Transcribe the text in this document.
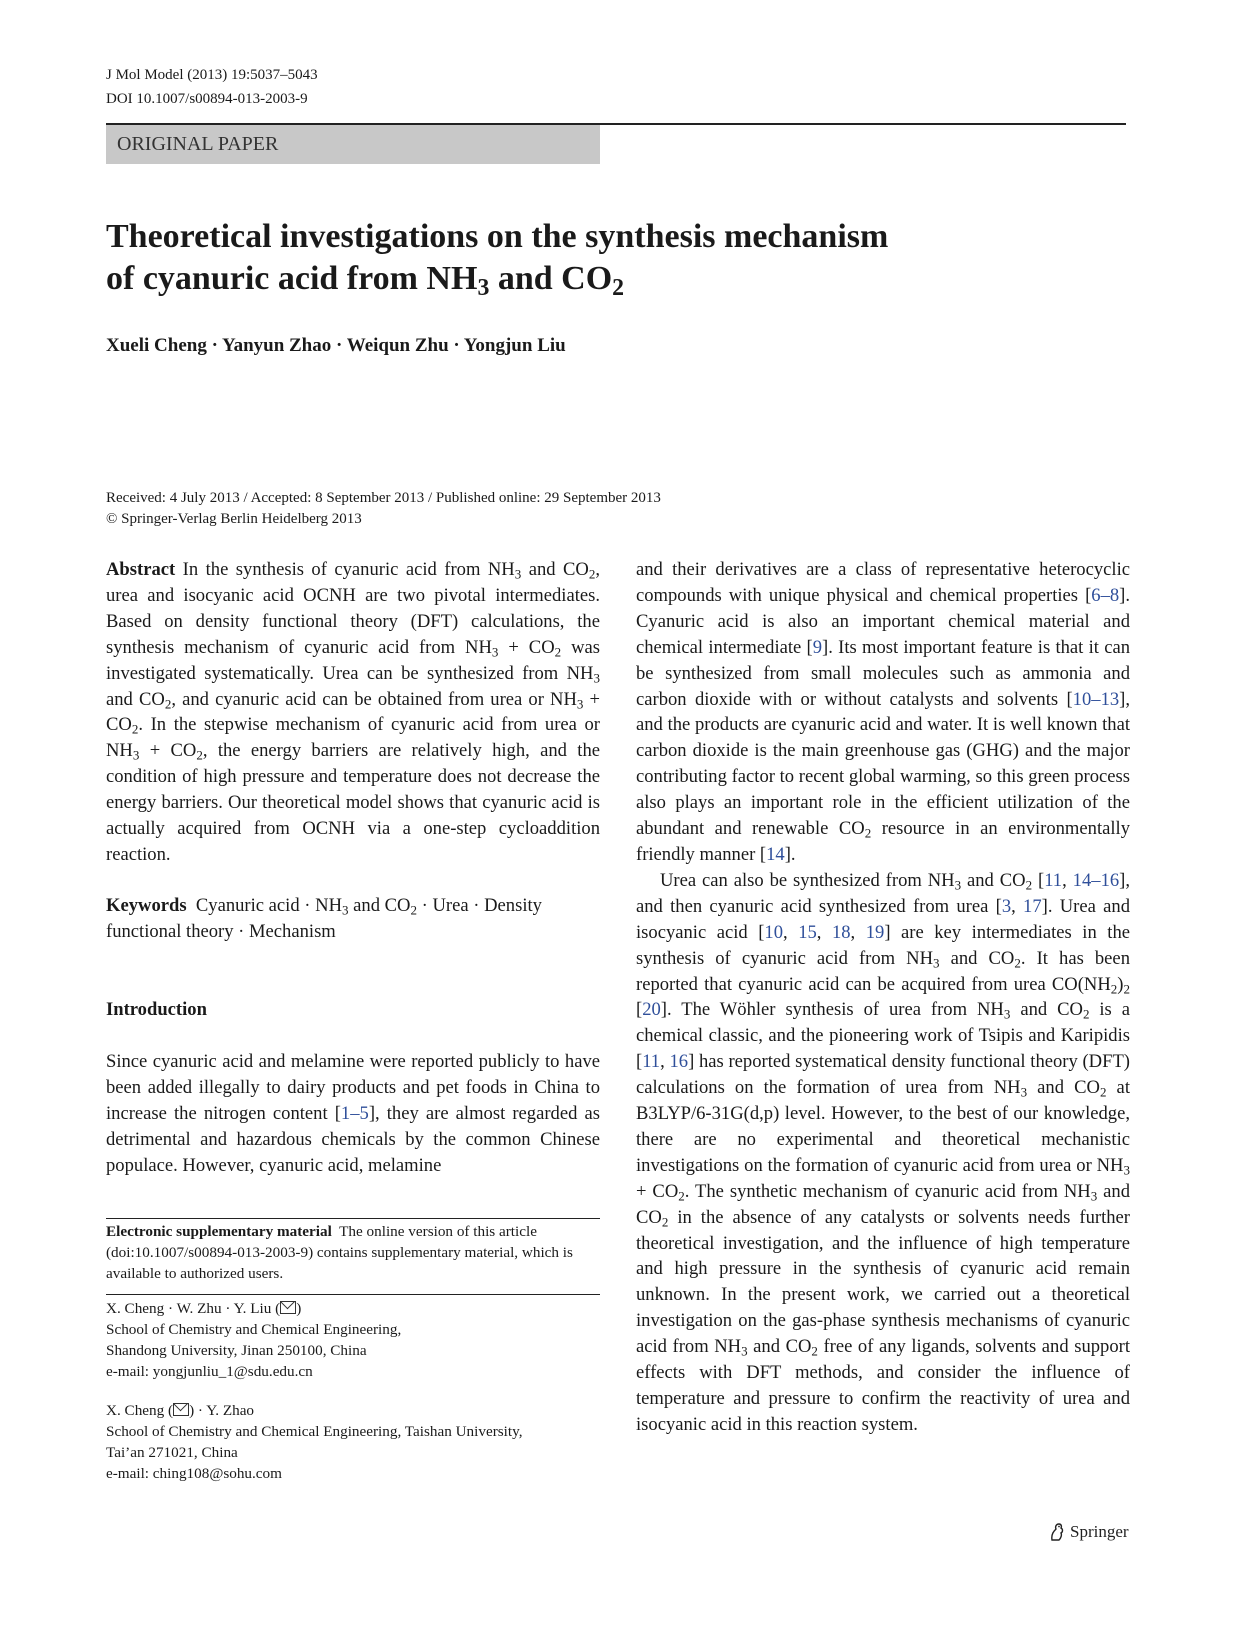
J Mol Model (2013) 19:5037–5043
DOI 10.1007/s00894-013-2003-9
ORIGINAL PAPER
Theoretical investigations on the synthesis mechanism
of cyanuric acid from $NH_3$ and $CO_2$
Xueli Cheng · Yanyun Zhao · Weiqun Zhu · Yongjun Liu
Received: 4 July 2013 / Accepted: 8 September 2013 / Published online: 29 September 2013
© Springer-Verlag Berlin Heidelberg 2013
Abstract In the synthesis of cyanuric acid from $NH_3$ and $CO_2$, urea and isocyanic acid OCNH are two pivotal intermediates. Based on density functional theory (DFT) calculations, the synthesis mechanism of cyanuric acid from $NH_3 + CO_2$ was investigated systematically. Urea can be synthesized from $NH_3$ and $CO_2$, and cyanuric acid can be obtained from urea or $NH_3 + CO_2$. In the stepwise mechanism of cyanuric acid from urea or $NH_3 + CO_2$, the energy barriers are relatively high, and the condition of high pressure and temperature does not decrease the energy barriers. Our theoretical model shows that cyanuric acid is actually acquired from OCNH via a one-step cycloaddition reaction.
Keywords Cyanuric acid · $NH_3$ and $CO_2$ · Urea · Density functional theory · Mechanism
Introduction
Since cyanuric acid and melamine were reported publicly to have been added illegally to dairy products and pet foods in China to increase the nitrogen content [1–5], they are almost regarded as detrimental and hazardous chemicals by the common Chinese populace. However, cyanuric acid, melamine
Electronic supplementary material The online version of this article (doi:10.1007/s00894-013-2003-9) contains supplementary material, which is available to authorized users.
X. Cheng · W. Zhu · Y. Liu ( )
School of Chemistry and Chemical Engineering,
Shandong University, Jinan 250100, China
e-mail: yongjunliu_1@sdu.edu.cn
X. Cheng ( ) · Y. Zhao
School of Chemistry and Chemical Engineering, Taishan University,
Tai’an 271021, China
e-mail: ching108@sohu.com
and their derivatives are a class of representative heterocyclic compounds with unique physical and chemical properties [6–8]. Cyanuric acid is also an important chemical material and chemical intermediate [9]. Its most important feature is that it can be synthesized from small molecules such as ammonia and carbon dioxide with or without catalysts and solvents [10–13], and the products are cyanuric acid and water. It is well known that carbon dioxide is the main greenhouse gas (GHG) and the major contributing factor to recent global warming, so this green process also plays an important role in the efficient utilization of the abundant and renewable $CO_2$ resource in an environmentally friendly manner [14].
Urea can also be synthesized from $NH_3$ and $CO_2$ [11, 14–16], and then cyanuric acid synthesized from urea [3, 17]. Urea and isocyanic acid [10, 15, 18, 19] are key intermediates in the synthesis of cyanuric acid from $NH_3$ and $CO_2$. It has been reported that cyanuric acid can be acquired from urea $CO(NH_2)_2$ [20]. The Wöhler synthesis of urea from $NH_3$ and $CO_2$ is a chemical classic, and the pioneering work of Tsipis and Karipidis [11, 16] has reported systematical density functional theory (DFT) calculations on the formation of urea from $NH_3$ and $CO_2$ at B3LYP/6-31G(d,p) level. However, to the best of our knowledge, there are no experimental and theoretical mechanistic investigations on the formation of cyanuric acid from urea or $NH_3 + CO_2$. The synthetic mechanism of cyanuric acid from $NH_3$ and $CO_2$ in the absence of any catalysts or solvents needs further theoretical investigation, and the influence of high temperature and high pressure in the synthesis of cyanuric acid remain unknown. In the present work, we carried out a theoretical investigation on the gas-phase synthesis mechanisms of cyanuric acid from $NH_3$ and $CO_2$ free of any ligands, solvents and support effects with DFT methods, and consider the influence of temperature and pressure to confirm the reactivity of urea and isocyanic acid in this reaction system.
Springer
